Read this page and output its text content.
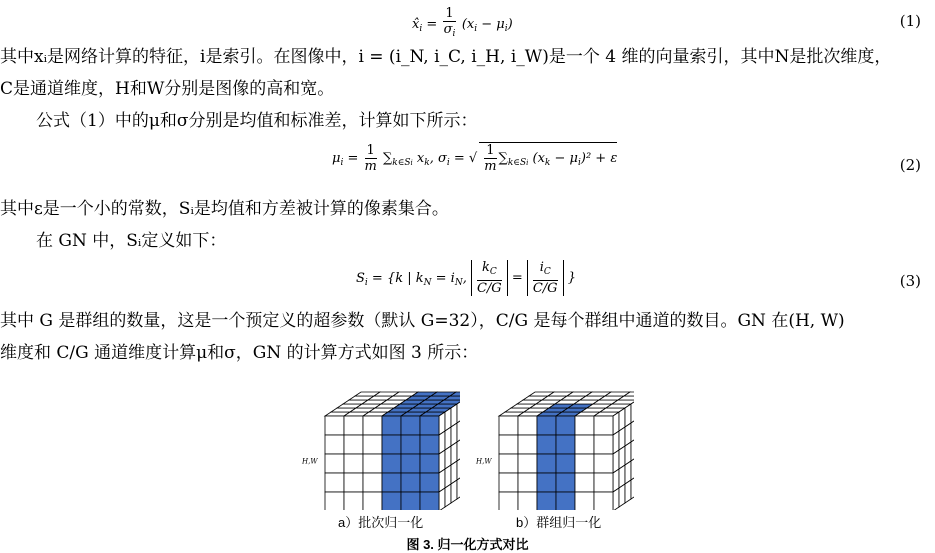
$x̂_i = \frac{1}{\sigma_i} (x_i - \mu_i)$	(1)
其中xᵢ是网络计算的特征，i是索引。在图像中，i = (i_N, i_C, i_H, i_W)是一个 4 维的向量索引，其中N是批次维度，
C是通道维度，H和W分别是图像的高和宽。
公式（1）中的μ和σ分别是均值和标准差，计算如下所示：
$\mu_i = \frac{1}{m} \sum_{k\in Si}$ $x_k$, $\sigma_i$ = √ $\frac{1}{m} \sum_{k\in Si}$ $(x_k - \mu_i)^2 + \varepsilon$	(2)
其中ε是一个小的常数，Sᵢ是均值和方差被计算的像素集合。
在 GN 中，Sᵢ定义如下：
$S_i = \{k$ | $k_N = i_N$, $\frac{k_C}{C/G} = \frac{i_C}{C/G}$ }	(3)
其中 G 是群组的数量，这是一个预定义的超参数（默认 G=32），C/G 是每个群组中通道的数目。GN 在(H, W)
维度和 C/G 通道维度计算μ和σ，GN 的计算方式如图 3 所示：
H,W	H,W
a）批次归一化	b）群组归一化
图 3. 归一化方式对比
